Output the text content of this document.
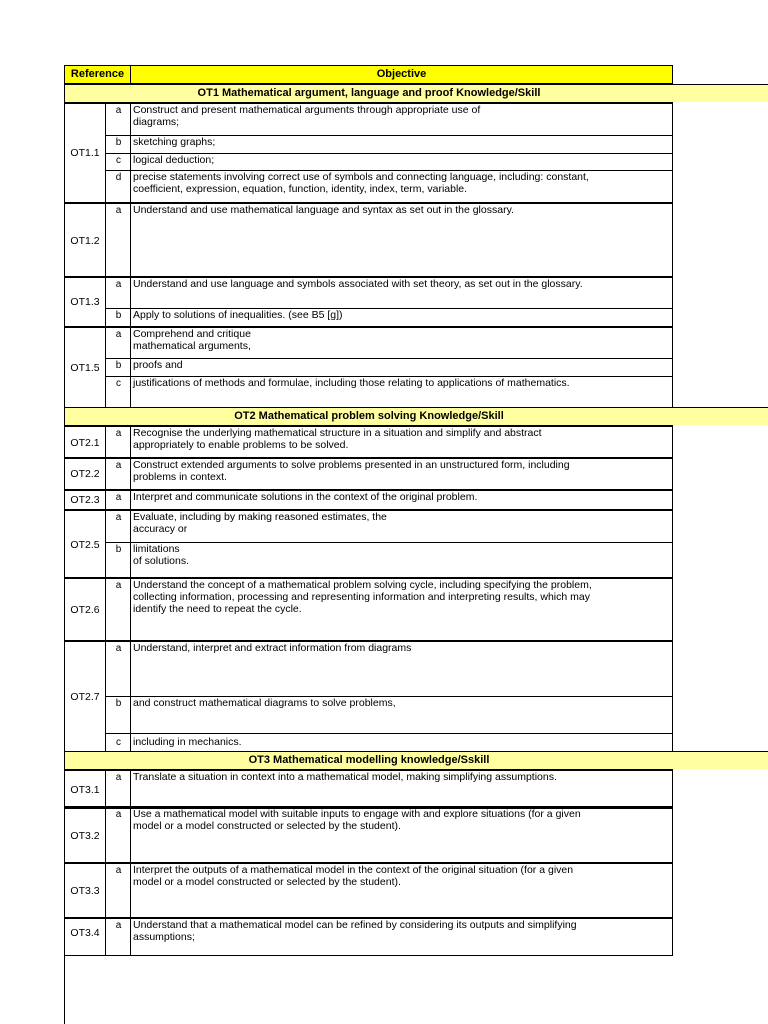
Reference	Objective
OT1 Mathematical argument, language and proof Knowledge/Skill
OT1.1
a	Construct and present mathematical arguments through appropriate use of
diagrams;
b	sketching graphs;
c	logical deduction;
d	precise statements involving correct use of symbols and connecting language, including: constant,
coefficient, expression, equation, function, identity, index, term, variable.
OT1.2
a	Understand and use mathematical language and syntax as set out in the glossary.
OT1.3
a	Understand and use language and symbols associated with set theory, as set out in the glossary.
b	Apply to solutions of inequalities. (see B5 [g])
OT1.5
a	Comprehend and critique
mathematical arguments,
b	proofs and
c	justifications of methods and formulae, including those relating to applications of mathematics.
OT2 Mathematical problem solving Knowledge/Skill
OT2.1
a	Recognise the underlying mathematical structure in a situation and simplify and abstract
appropriately to enable problems to be solved.
OT2.2
a	Construct extended arguments to solve problems presented in an unstructured form, including
problems in context.
OT2.3	a	Interpret and communicate solutions in the context of the original problem.
OT2.5
a	Evaluate, including by making reasoned estimates, the
accuracy or
b	limitations
of solutions.
OT2.6
a	Understand the concept of a mathematical problem solving cycle, including specifying the problem,
collecting information, processing and representing information and interpreting results, which may
identify the need to repeat the cycle.
OT2.7
a	Understand, interpret and extract information from diagrams
b	and construct mathematical diagrams to solve problems,
c	including in mechanics.
OT3 Mathematical modelling knowledge/Sskill
OT3.1
a	Translate a situation in context into a mathematical model, making simplifying assumptions.
OT3.2
a	Use a mathematical model with suitable inputs to engage with and explore situations (for a given
model or a model constructed or selected by the student).
OT3.3
a	Interpret the outputs of a mathematical model in the context of the original situation (for a given
model or a model constructed or selected by the student).
OT3.4
a	Understand that a mathematical model can be refined by considering its outputs and simplifying
assumptions;
